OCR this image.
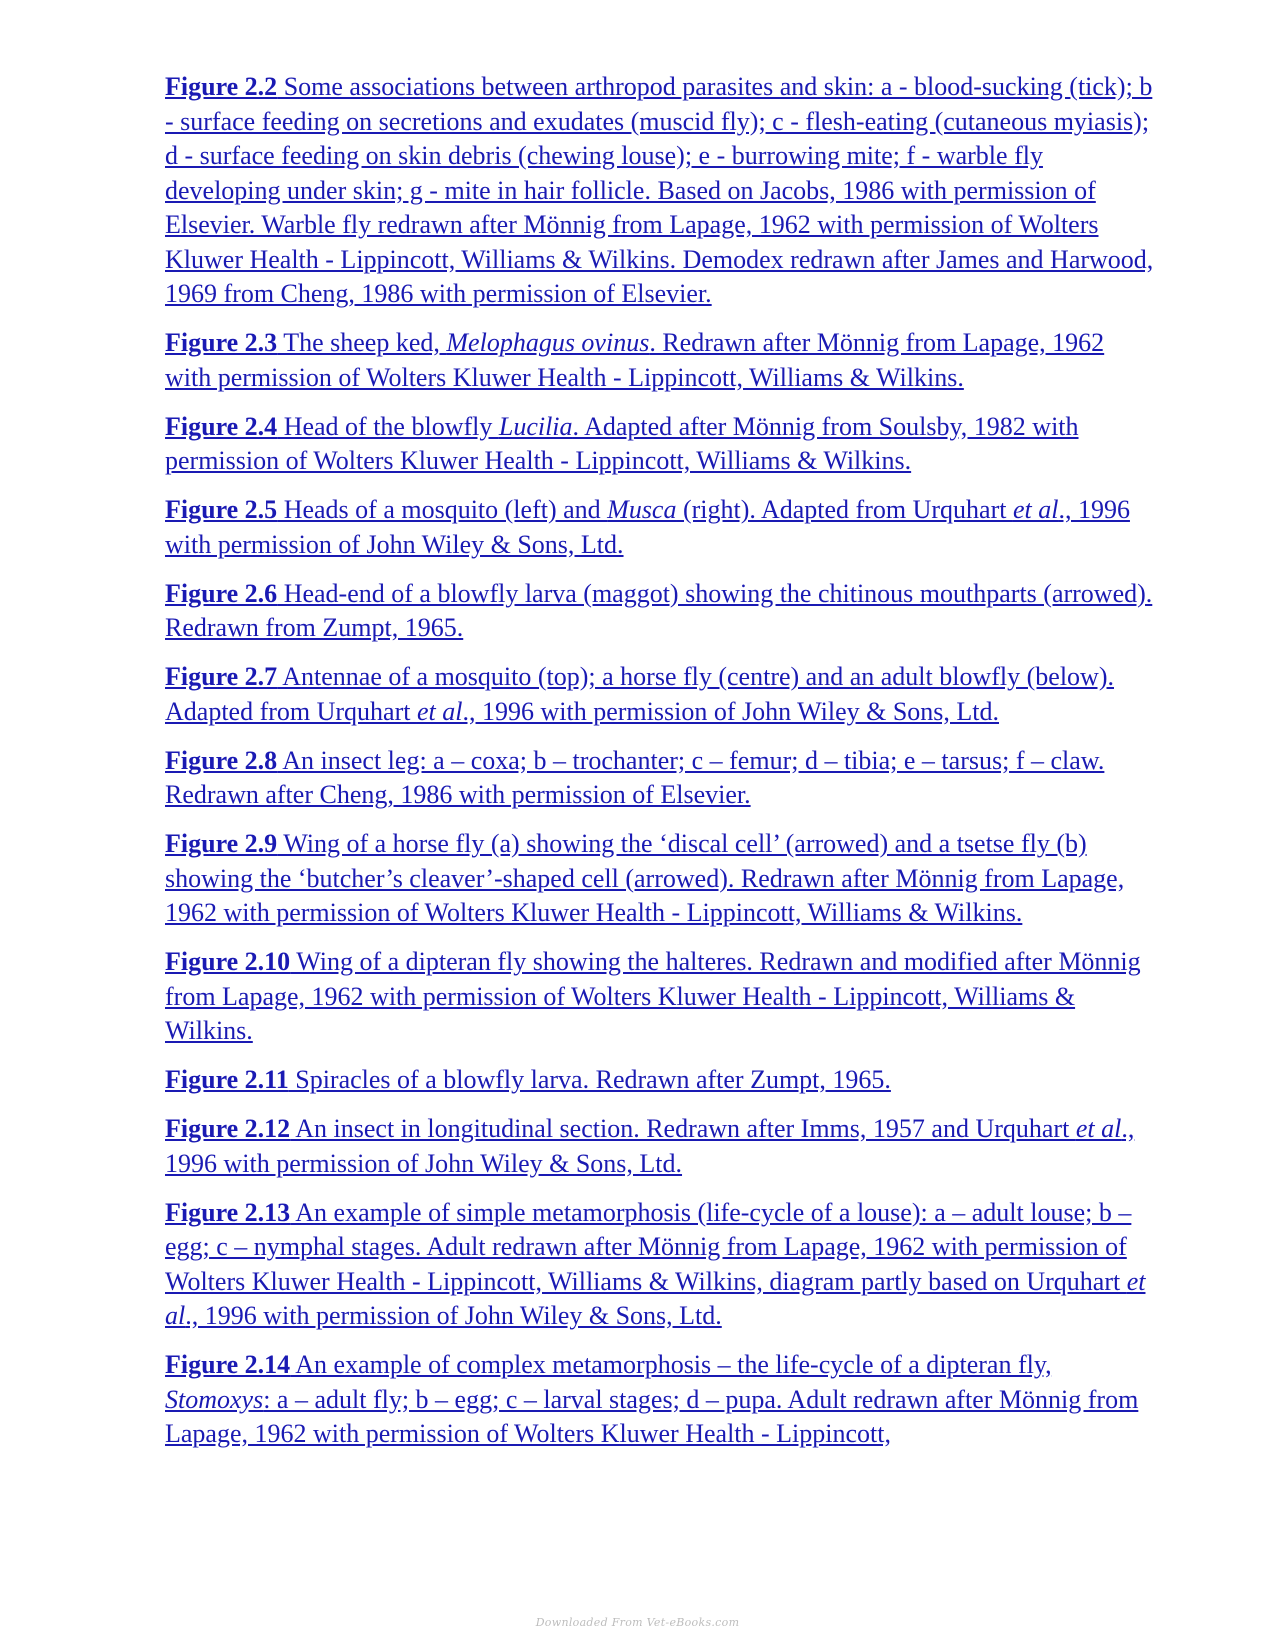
Figure 2.2 Some associations between arthropod parasites and skin: a - blood-sucking (tick); b - surface feeding on secretions and exudates (muscid fly); c - flesh-eating (cutaneous myiasis); d - surface feeding on skin debris (chewing louse); e - burrowing mite; f - warble fly developing under skin; g - mite in hair follicle. Based on Jacobs, 1986 with permission of Elsevier. Warble fly redrawn after Mönnig from Lapage, 1962 with permission of Wolters Kluwer Health - Lippincott, Williams & Wilkins. Demodex redrawn after James and Harwood, 1969 from Cheng, 1986 with permission of Elsevier.

Figure 2.3 The sheep ked, Melophagus ovinus. Redrawn after Mönnig from Lapage, 1962 with permission of Wolters Kluwer Health - Lippincott, Williams & Wilkins.

Figure 2.4 Head of the blowfly Lucilia. Adapted after Mönnig from Soulsby, 1982 with permission of Wolters Kluwer Health - Lippincott, Williams & Wilkins.

Figure 2.5 Heads of a mosquito (left) and Musca (right). Adapted from Urquhart et al., 1996 with permission of John Wiley & Sons, Ltd.

Figure 2.6 Head-end of a blowfly larva (maggot) showing the chitinous mouthparts (arrowed). Redrawn from Zumpt, 1965.

Figure 2.7 Antennae of a mosquito (top); a horse fly (centre) and an adult blowfly (below). Adapted from Urquhart et al., 1996 with permission of John Wiley & Sons, Ltd.

Figure 2.8 An insect leg: a – coxa; b – trochanter; c – femur; d – tibia; e – tarsus; f – claw. Redrawn after Cheng, 1986 with permission of Elsevier.

Figure 2.9 Wing of a horse fly (a) showing the ‘discal cell’ (arrowed) and a tsetse fly (b) showing the ‘butcher’s cleaver’-shaped cell (arrowed). Redrawn after Mönnig from Lapage, 1962 with permission of Wolters Kluwer Health - Lippincott, Williams & Wilkins.

Figure 2.10 Wing of a dipteran fly showing the halteres. Redrawn and modified after Mönnig from Lapage, 1962 with permission of Wolters Kluwer Health - Lippincott, Williams & Wilkins.

Figure 2.11 Spiracles of a blowfly larva. Redrawn after Zumpt, 1965.

Figure 2.12 An insect in longitudinal section. Redrawn after Imms, 1957 and Urquhart et al., 1996 with permission of John Wiley & Sons, Ltd.

Figure 2.13 An example of simple metamorphosis (life-cycle of a louse): a – adult louse; b – egg; c – nymphal stages. Adult redrawn after Mönnig from Lapage, 1962 with permission of Wolters Kluwer Health - Lippincott, Williams & Wilkins, diagram partly based on Urquhart et al., 1996 with permission of John Wiley & Sons, Ltd.

Figure 2.14 An example of complex metamorphosis – the life-cycle of a dipteran fly, Stomoxys: a – adult fly; b – egg; c – larval stages; d – pupa. Adult redrawn after Mönnig from Lapage, 1962 with permission of Wolters Kluwer Health - Lippincott,

Downloaded From Vet-eBooks.com
